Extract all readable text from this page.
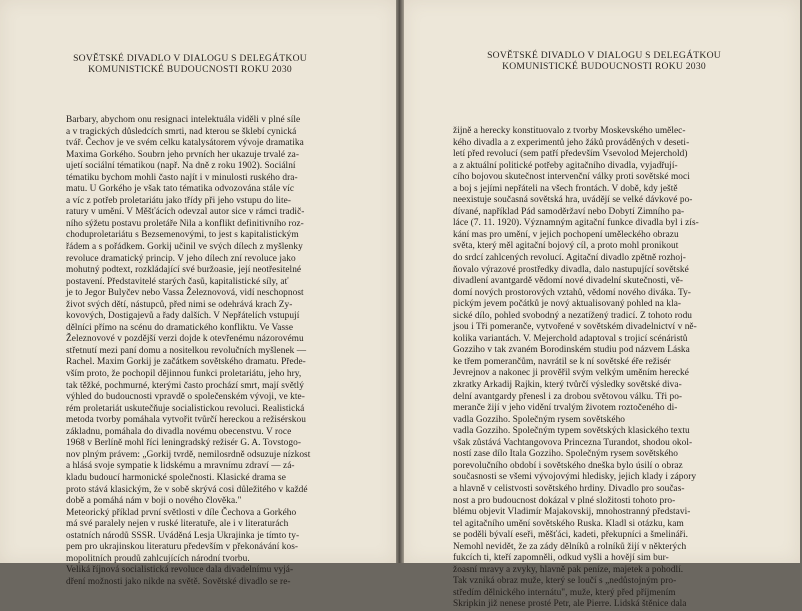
SOVĚTSKÉ DIVADLO V DIALOGU S DELEGÁTKOU
KOMUNISTICKÉ BUDOUCNOSTI ROKU 2030
Barbary, abychom onu resignaci intelektuála viděli v plné síle
a v tragických důsledcích smrti, nad kterou se šklebí cynická
tvář. Čechov je ve svém celku katalysátorem vývoje dramatika
Maxima Gorkého. Soubrn jeho prvních her ukazuje trvalé za-
ujetí sociální tématikou (např. Na dně z roku 1902). Sociální
tématiku bychom mohli často najít i v minulosti ruského dra-
matu. U Gorkého je však tato tématika odvozována stále víc
a víc z potřeb proletariátu jako třídy při jeho vstupu do lite-
ratury v umění. V Měšťácích odevzal autor sice v rámci tradič-
ního sýžetu postavu proletáře Nila a konflikt definitivního roz-
choduproletariátu s Bezsemenovými, to jest s kapitalistickým
řádem a s pořádkem. Gorkij učinil ve svých dílech z myšlenky
revoluce dramatický princip. V jeho dílech zní revoluce jako
mohutný podtext, rozkládající své buržoasie, její neotřesitelné
postavení. Představitelé starých časů, kapitalistické síly, ať
je to Jegor Bulyčev nebo Vassa Železnovová, vidí neschopnost
život svých dětí, nástupců, před nimi se odehrává krach Zy-
kovových, Dostigajevů a řady dalších. V Nepřátelích vstupují
dělníci přímo na scénu do dramatického konfliktu. Ve Vasse
Železnovové v pozdější verzi dojde k otevřenému názorovému
střetnutí mezi paní domu a nositelkou revolučních myšlenek —
Rachel. Maxim Gorkij je začátkem sovětského dramatu. Přede-
vším proto, že pochopil dějinnou funkci proletariátu, jeho hry,
tak těžké, pochmurné, kterými často prochází smrt, mají světlý
výhled do budoucnosti vpravdě o společenském vývoji, ve kte-
rém proletariát uskutečňuje socialistickou revoluci. Realistická
metoda tvorby pomáhala vytvořit tvůrčí hereckou a režisérskou
základnu, pomáhala do divadla novému obecenstvu. V roce
1968 v Berlíně mohl říci leningradský režisér G. A. Tovstogo-
nov plným právem: „Gorkij tvrdě, nemilosrdně odsuzuje nízkost
a hlásá svoje sympatie k lidskému a mravnímu zdraví — zá-
kladu budoucí harmonické společnosti. Klasické drama se
proto stává klasickým, že v sobě skrývá cosi důležitého v každé
době a pomáhá nám v boji o nového člověka."
Meteorický příklad první světlosti v díle Čechova a Gorkého
má své paralely nejen v ruské literatuře, ale i v literaturách
ostatních národů SSSR. Uváděná Lesja Ukrajinka je tímto ty-
pem pro ukrajinskou literaturu především v překonávání kos-
mopolitních proudů zahlcujících národní tvorbu.
Veliká říjnová socialistická revoluce dala divadelnímu vyjá-
dření možnosti jako nikde na světě. Sovětské divadlo se re-
SOVĚTSKÉ DIVADLO V DIALOGU S DELEGÁTKOU
KOMUNISTICKÉ BUDOUCNOSTI ROKU 2030
žijně a herecky konstituovalo z tvorby Moskevského umělec-
kého divadla a z experimentů jeho žáků prováděných v deseti-
letí před revolucí (sem patří především Vsevolod Mejerchold)
a z aktuální politické potřeby agitačního divadla, vyjadřují-
cího bojovou skutečnost intervenční války proti sovětské moci
a boj s jejími nepřáteli na všech frontách. V době, kdy ještě
neexistuje současná sovětská hra, uvádějí se velké dávkové po-
dívané, například Pád samoděržaví nebo Dobytí Zimního pa-
láce (7. 11. 1920). Významným agitační funkce divadla byl i zís-
kání mas pro umění, v jejich pochopení uměleckého obrazu
světa, který měl agitační bojový cíl, a proto mohl pronikout
do srdcí zahlcených revolucí. Agitační divadlo zpětně rozhoj-
ňovalo výrazové prostředky divadla, dalo nastupující sovětské
divadlení avantgardě vědomí nové divadelní skutečnosti, vě-
domí nových prostorových vztahů, vědomí nového diváka. Ty-
pickým jevem počátků je nový aktualisovaný pohled na kla-
sické dílo, pohled svobodný a nezatížený tradicí. Z tohoto rodu
jsou i Tři pomeranče, vytvořené v sovětském divadelnictví v ně-
kolika variantách. V. Mejerchold adaptoval s trojicí scénáristů
Gozziho v tak zvaném Borodinském studiu pod názvem Láska
ke třem pomerančům, navrátil se k ní sovětské éře režisér
Jevrejnov a nakonec ji prověřil svým velkým uměním herecké
zkratky Arkadij Rajkin, který tvůrčí výsledky sovětské diva-
delní avantgardy přenesl i za drobou světovou válku. Tři po-
meranče žijí v jeho vidění trvalým životem roztočeného di-
vadla Gozziho. Společným rysem sovětského
vadla Gozziho. Společným typem sovětských klasického textu
však zůstává Vachtangovova Princezna Turandot, shodou okol-
ností zase dílo Itala Gozziho. Společným rysem sovětského
porevolučního období i sovětského dneška bylo úsilí o obraz
současnosti se všemi vývojovými hledisky, jejich klady i zápory
a hlavně v celistvosti sovětského hrdiny. Divadlo pro součas-
nost a pro budoucnost dokázal v plné složitosti tohoto pro-
blému objevit Vladimír Majakovskij, mnohostranný představi-
tel agitačního umění sovětského Ruska. Kladl si otázku, kam
se poděli bývalí eseři, měšťáci, kadeti, překupníci a šmelináři.
Nemohl nevidět, že za zády dělníků a rolníků žijí v některých
fukcích ti, kteří zapomněli, odkud vyšli a hovějí sim bur-
žoasní mravy a zvyky, hlavně pak peníze, majetek a pohodlí.
Tak vzniká obraz muže, který se loučí s „nedůstojným pro-
středím dělnického internátu", muže, který před příjmením
Skripkin již nenese prosté Petr, ale Pierre. Lidská štěnice dala
